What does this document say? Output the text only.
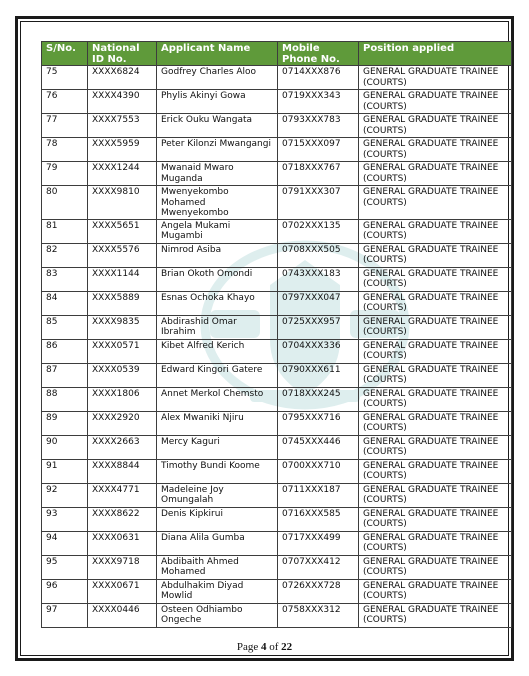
S/No.	National ID No.	Applicant Name	Mobile Phone No.	Position applied
75	XXXX6824	Godfrey Charles Aloo	0714XXX876	GENERAL GRADUATE TRAINEE (COURTS)
76	XXXX4390	Phylis Akinyi Gowa	0719XXX343	GENERAL GRADUATE TRAINEE (COURTS)
77	XXXX7553	Erick Ouku Wangata	0793XXX783	GENERAL GRADUATE TRAINEE (COURTS)
78	XXXX5959	Peter Kilonzi Mwangangi	0715XXX097	GENERAL GRADUATE TRAINEE (COURTS)
79	XXXX1244	Mwanaid Mwaro Muganda	0718XXX767	GENERAL GRADUATE TRAINEE (COURTS)
80	XXXX9810	Mwenyekombo Mohamed Mwenyekombo	0791XXX307	GENERAL GRADUATE TRAINEE (COURTS)
81	XXXX5651	Angela Mukami Mugambi	0702XXX135	GENERAL GRADUATE TRAINEE (COURTS)
82	XXXX5576	Nimrod Asiba	0708XXX505	GENERAL GRADUATE TRAINEE (COURTS)
83	XXXX1144	Brian Okoth Omondi	0743XXX183	GENERAL GRADUATE TRAINEE (COURTS)
84	XXXX5889	Esnas Ochoka Khayo	0797XXX047	GENERAL GRADUATE TRAINEE (COURTS)
85	XXXX9835	Abdirashid Omar Ibrahim	0725XXX957	GENERAL GRADUATE TRAINEE (COURTS)
86	XXXX0571	Kibet Alfred Kerich	0704XXX336	GENERAL GRADUATE TRAINEE (COURTS)
87	XXXX0539	Edward Kingori Gatere	0790XXX611	GENERAL GRADUATE TRAINEE (COURTS)
88	XXXX1806	Annet Merkol Chemsto	0718XXX245	GENERAL GRADUATE TRAINEE (COURTS)
89	XXXX2920	Alex Mwaniki Njiru	0795XXX716	GENERAL GRADUATE TRAINEE (COURTS)
90	XXXX2663	Mercy Kaguri	0745XXX446	GENERAL GRADUATE TRAINEE (COURTS)
91	XXXX8844	Timothy Bundi Koome	0700XXX710	GENERAL GRADUATE TRAINEE (COURTS)
92	XXXX4771	Madeleine Joy Omungalah	0711XXX187	GENERAL GRADUATE TRAINEE (COURTS)
93	XXXX8622	Denis Kipkirui	0716XXX585	GENERAL GRADUATE TRAINEE (COURTS)
94	XXXX0631	Diana Alila Gumba	0717XXX499	GENERAL GRADUATE TRAINEE (COURTS)
95	XXXX9718	Abdibaith Ahmed Mohamed	0707XXX412	GENERAL GRADUATE TRAINEE (COURTS)
96	XXXX0671	Abdulhakim Diyad Mowlid	0726XXX728	GENERAL GRADUATE TRAINEE (COURTS)
97	XXXX0446	Osteen Odhiambo Ongeche	0758XXX312	GENERAL GRADUATE TRAINEE (COURTS)
Page 4 of 22
